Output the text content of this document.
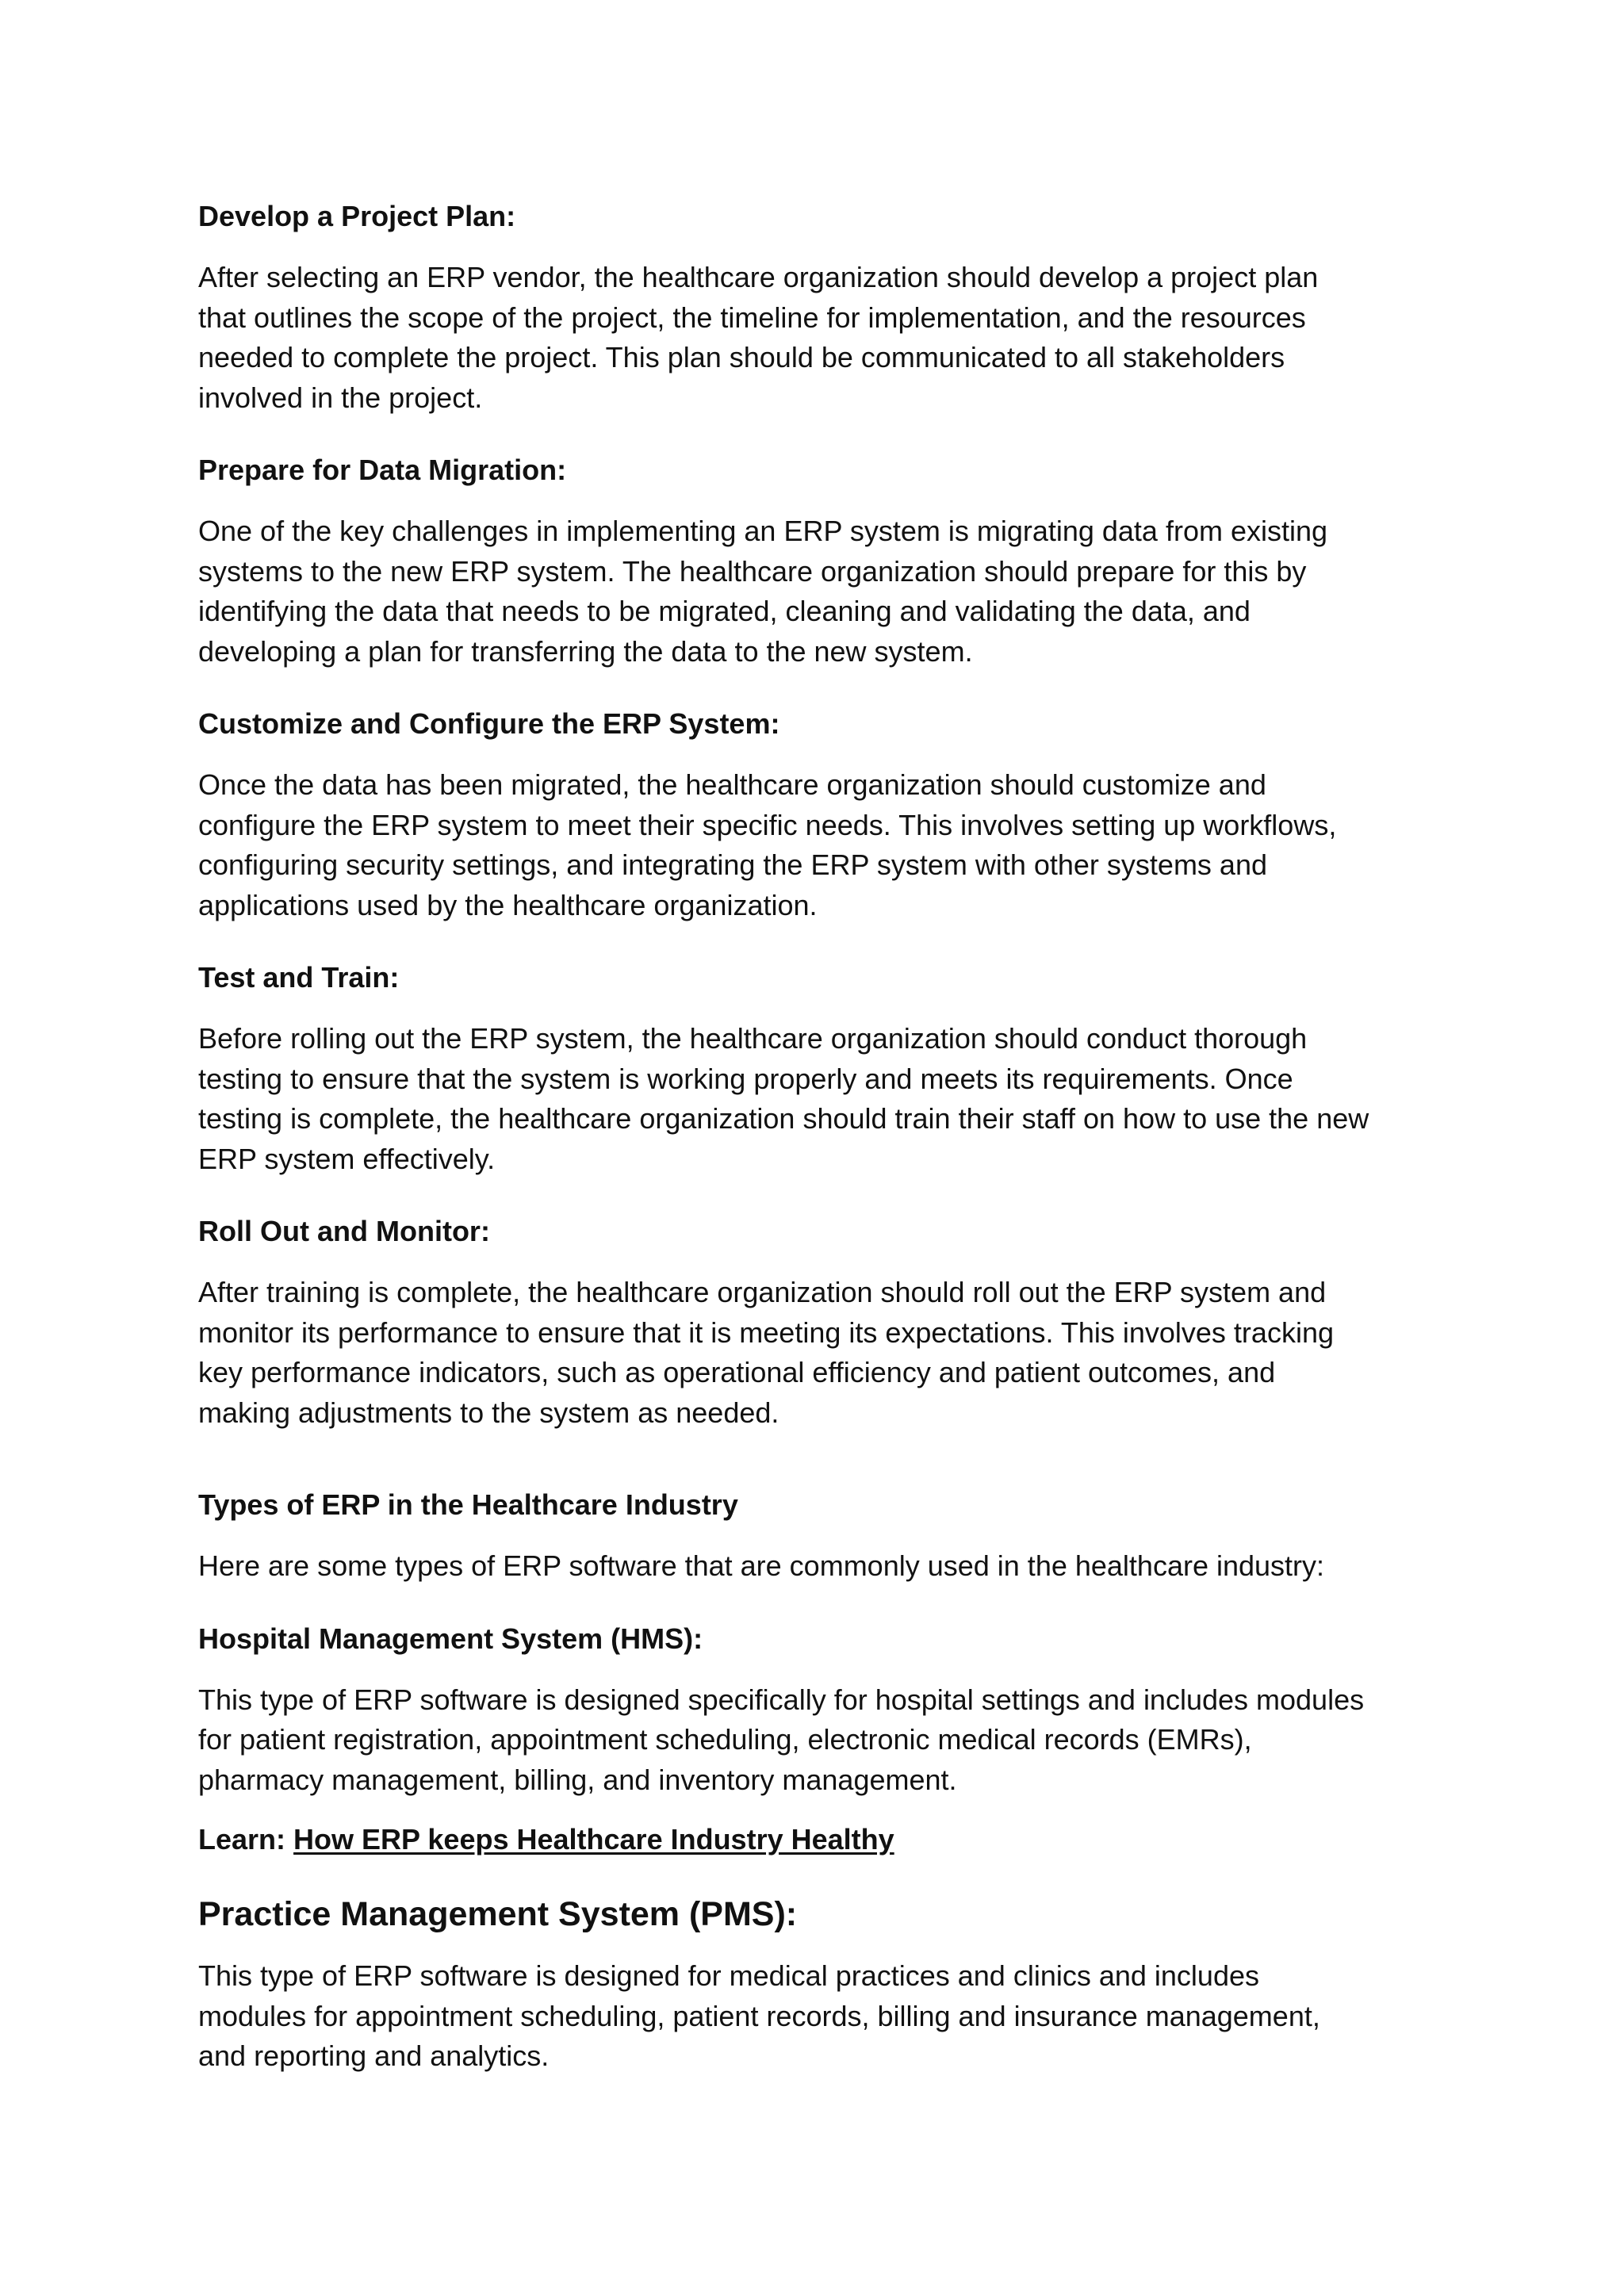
Develop a Project Plan:
After selecting an ERP vendor, the healthcare organization should develop a project plan
that outlines the scope of the project, the timeline for implementation, and the resources
needed to complete the project. This plan should be communicated to all stakeholders
involved in the project.
Prepare for Data Migration:
One of the key challenges in implementing an ERP system is migrating data from existing
systems to the new ERP system. The healthcare organization should prepare for this by
identifying the data that needs to be migrated, cleaning and validating the data, and
developing a plan for transferring the data to the new system.
Customize and Configure the ERP System:
Once the data has been migrated, the healthcare organization should customize and
configure the ERP system to meet their specific needs. This involves setting up workflows,
configuring security settings, and integrating the ERP system with other systems and
applications used by the healthcare organization.
Test and Train:
Before rolling out the ERP system, the healthcare organization should conduct thorough
testing to ensure that the system is working properly and meets its requirements. Once
testing is complete, the healthcare organization should train their staff on how to use the new
ERP system effectively.
Roll Out and Monitor:
After training is complete, the healthcare organization should roll out the ERP system and
monitor its performance to ensure that it is meeting its expectations. This involves tracking
key performance indicators, such as operational efficiency and patient outcomes, and
making adjustments to the system as needed.
Types of ERP in the Healthcare Industry
Here are some types of ERP software that are commonly used in the healthcare industry:
Hospital Management System (HMS):
This type of ERP software is designed specifically for hospital settings and includes modules
for patient registration, appointment scheduling, electronic medical records (EMRs),
pharmacy management, billing, and inventory management.
Learn: How ERP keeps Healthcare Industry Healthy
Practice Management System (PMS):
This type of ERP software is designed for medical practices and clinics and includes
modules for appointment scheduling, patient records, billing and insurance management,
and reporting and analytics.
